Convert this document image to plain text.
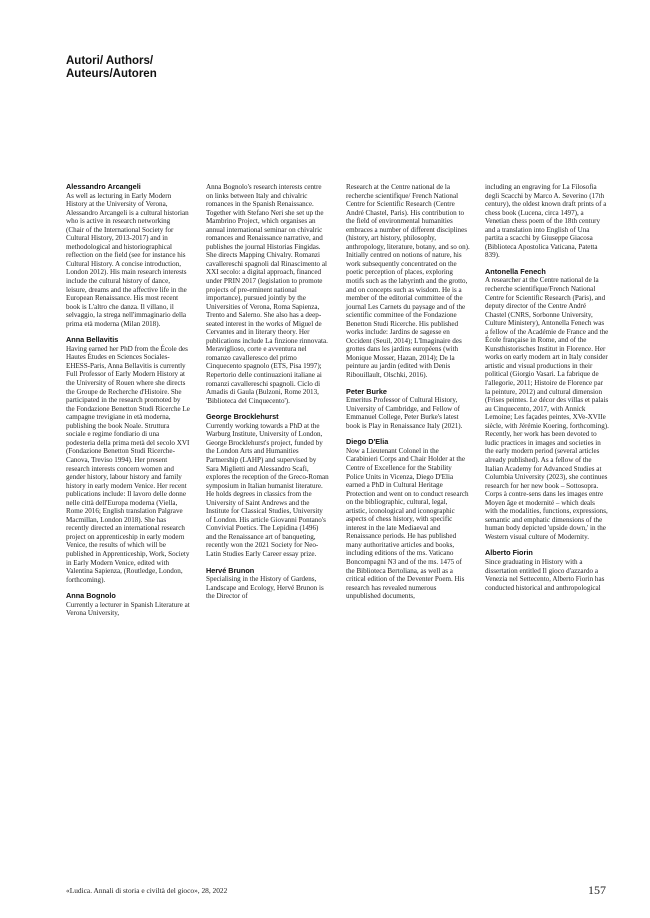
Autori/ Authors/
Auteurs/Autoren

Alessandro Arcangeli

As well as lecturing in Early Modern History at the University of Verona, Alessandro Arcangeli is a cultural historian who is active in research networking (Chair of the International Society for Cultural History, 2013-2017) and in methodological and historiographical reflection on the field (see for instance his Cultural History. A concise introduction, London 2012). His main research interests include the cultural history of dance, leisure, dreams and the affective life in the European Renaissance. His most recent book is L'altro che danza. Il villano, il selvaggio, la strega nell'immaginario della prima età moderna (Milan 2018).

Anna Bellavitis

Having earned her PhD from the École des Hautes Études en Sciences Sociales-EHESS-Paris, Anna Bellavitis is currently Full Professor of Early Modern History at the University of Rouen where she directs the Groupe de Recherche d'Histoire. She participated in the research promoted by the Fondazione Benetton Studi Ricerche Le campagne trevigiane in età moderna, publishing the book Noale. Struttura sociale e regime fondiario di una podesteria della prima metà del secolo XVI (Fondazione Benetton Studi Ricerche-Canova, Treviso 1994). Her present research interests concern women and gender history, labour history and family history in early modern Venice. Her recent publications include: Il lavoro delle donne nelle città dell'Europa moderna (Viella, Rome 2016; English translation Palgrave Macmillan, London 2018). She has recently directed an international research project on apprenticeship in early modern Venice, the results of which will be published in Apprenticeship, Work, Society in Early Modern Venice, edited with Valentina Sapienza, (Routledge, London, forthcoming).

Anna Bognolo

Currently a lecturer in Spanish Literature at Verona University,

Anna Bognolo's research interests centre on links between Italy and chivalric romances in the Spanish Renaissance. Together with Stefano Neri she set up the Mambrino Project, which organises an annual international seminar on chivalric romances and Renaissance narrative, and publishes the journal Historias Fingidas. She directs Mapping Chivalry. Romanzi cavallereschi spagnoli dal Rinascimento al XXI secolo: a digital approach, financed under PRIN 2017 (legislation to promote projects of pre-eminent national importance), pursued jointly by the Universities of Verona, Roma Sapienza, Trento and Salerno. She also has a deep-seated interest in the works of Miguel de Cervantes and in literary theory. Her publications include La finzione rinnovata. Meraviglioso, corte e avventura nel romanzo cavalleresco del primo Cinquecento spagnolo (ETS, Pisa 1997); Repertorio delle continuazioni italiane ai romanzi cavallereschi spagnoli. Ciclo di Amadis di Gaula (Bulzoni, Rome 2013, 'Biblioteca del Cinquecento').

George Brocklehurst

Currently working towards a PhD at the Warburg Institute, University of London, George Brocklehurst's project, funded by the London Arts and Humanities Partnership (LAHP) and supervised by Sara Miglietti and Alessandro Scafi, explores the reception of the Greco-Roman symposium in Italian humanist literature. He holds degrees in classics from the University of Saint Andrews and the Institute for Classical Studies, University of London. His article Giovanni Pontano's Convivial Poetics. The Lepidina (1496) and the Renaissance art of banqueting, recently won the 2021 Society for Neo-Latin Studies Early Career essay prize.

Hervé Brunon

Specialising in the History of Gardens, Landscape and Ecology, Hervé Brunon is the Director of

Research at the Centre national de la recherche scientifique/ French National Centre for Scientific Research (Centre André Chastel, Paris). His contribution to the field of environmental humanities embraces a number of different disciplines (history, art history, philosophy, anthropology, literature, botany, and so on). Initially centred on notions of nature, his work subsequently concentrated on the poetic perception of places, exploring motifs such as the labyrinth and the grotto, and on concepts such as wisdom. He is a member of the editorial committee of the journal Les Carnets du paysage and of the scientific committee of the Fondazione Benetton Studi Ricerche. His published works include: Jardins de sagesse en Occident (Seuil, 2014); L'Imaginaire des grottes dans les jardins européens (with Monique Mosser, Hazan, 2014); De la peinture au jardin (edited with Denis Ribouillault, Olschki, 2016).

Peter Burke

Emeritus Professor of Cultural History, University of Cambridge, and Fellow of Emmanuel College, Peter Burke's latest book is Play in Renaissance Italy (2021).

Diego D'Elia

Now a Lieutenant Colonel in the Carabinieri Corps and Chair Holder at the Centre of Excellence for the Stability Police Units in Vicenza, Diego D'Elia earned a PhD in Cultural Heritage Protection and went on to conduct research on the bibliographic, cultural, legal, artistic, iconological and iconographic aspects of chess history, with specific interest in the late Mediaeval and Renaissance periods. He has published many authoritative articles and books, including editions of the ms. Vaticano Boncompagni N3 and of the ms. 1475 of the Biblioteca Bertoliana, as well as a critical edition of the Deventer Poem. His research has revealed numerous unpublished documents,

including an engraving for La Filosofia degli Scacchi by Marco A. Severino (17th century), the oldest known draft prints of a chess book (Lucena, circa 1497), a Venetian chess poem of the 18th century and a translation into English of Una partita a scacchi by Giuseppe Giacosa (Biblioteca Apostolica Vaticana, Patetta 839).

Antonella Fenech

A researcher at the Centre national de la recherche scientifique/French National Centre for Scientific Research (Paris), and deputy director of the Centre André Chastel (CNRS, Sorbonne University, Culture Ministery), Antonella Fenech was a fellow of the Académie de France and the École française in Rome, and of the Kunsthistorisches Institut in Florence. Her works on early modern art in Italy consider artistic and visual productions in their political (Giorgio Vasari. La fabrique de l'allegorie, 2011; Histoire de Florence par la peinture, 2012) and cultural dimension (Frises peintes. Le décor des villas et palais au Cinquecento, 2017, with Annick Lemoine; Les façades peintes, XVe-XVIIe siècle, with Jérémie Koering, forthcoming). Recently, her work has been devoted to ludic practices in images and societies in the early modern period (several articles already published). As a fellow of the Italian Academy for Advanced Studies at Columbia University (2023), she continues research for her new book – Sottosopra. Corps à contre-sens dans les images entre Moyen âge et modernité – which deals with the modalities, functions, expressions, semantic and emphatic dimensions of the human body depicted 'upside down,' in the Western visual culture of Modernity.

Alberto Fiorin

Since graduating in History with a dissertation entitled Il gioco d'azzardo a Venezia nel Settecento, Alberto Fiorin has conducted historical and anthropological

«Ludica. Annali di storia e civiltà del gioco», 28, 2022	157
